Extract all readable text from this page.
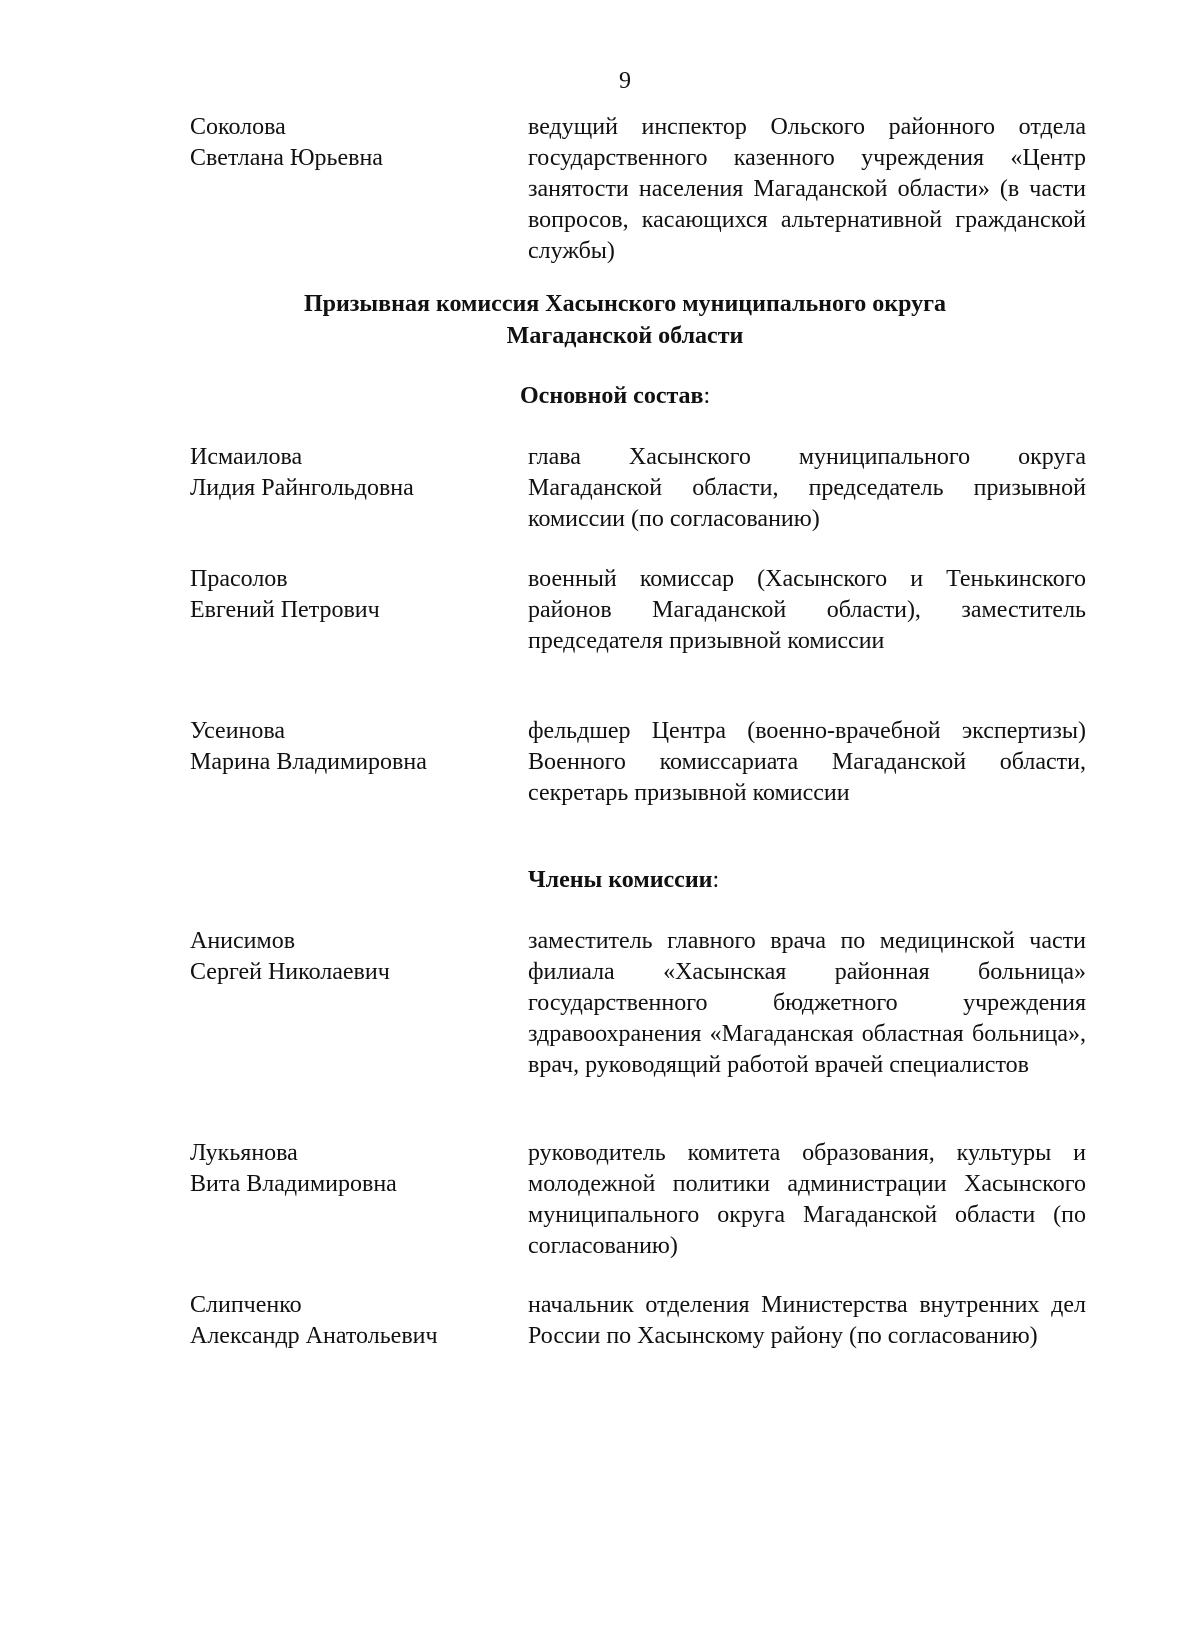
9
Соколова
Светлана Юрьевна
ведущий инспектор Ольского районного отдела государственного казенного учреждения «Центр занятости населения Магаданской области» (в части вопросов, касающихся альтернативной гражданской службы)
Призывная комиссия Хасынского муниципального округа
Магаданской области
Основной состав:
Исмаилова
Лидия Райнгольдовна
глава Хасынского муниципального округа Магаданской области, председатель призывной комиссии (по согласованию)
Прасолов
Евгений Петрович
военный комиссар (Хасынского и Тенькинского районов Магаданской области), заместитель председателя призывной комиссии
Усеинова
Марина Владимировна
фельдшер Центра (военно-врачебной экспертизы) Военного комиссариата Магаданской области, секретарь призывной комиссии
Члены комиссии:
Анисимов
Сергей Николаевич
заместитель главного врача по медицинской части филиала «Хасынская районная больница» государственного бюджетного учреждения здравоохранения «Магаданская областная больница», врач, руководящий работой врачей специалистов
Лукьянова
Вита Владимировна
руководитель комитета образования, культуры и молодежной политики администрации Хасынского муниципального округа Магаданской области (по согласованию)
Слипченко
Александр Анатольевич
начальник отделения Министерства внутренних дел России по Хасынскому району (по согласованию)
